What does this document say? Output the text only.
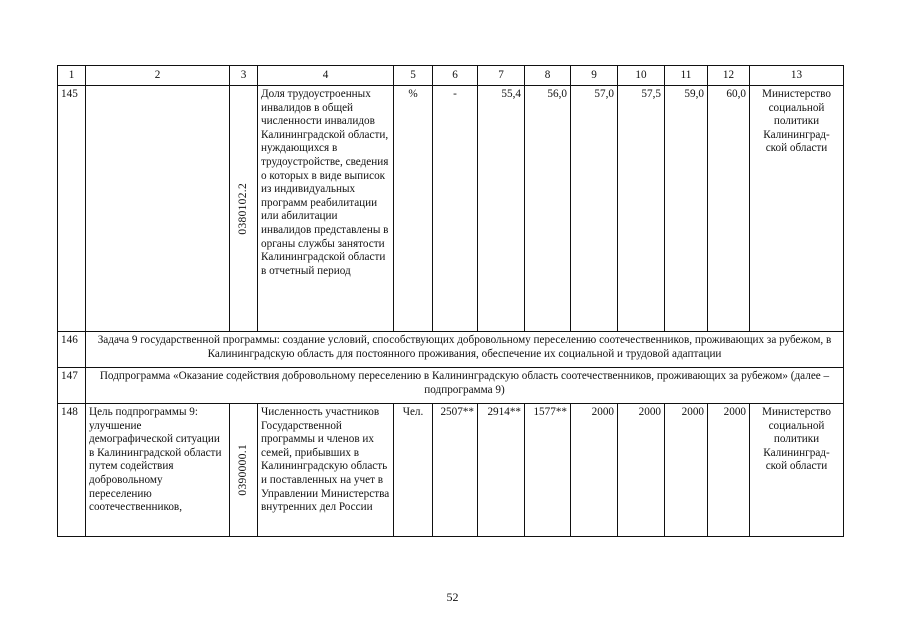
1	2	3	4	5	6	7	8	9	10	11	12	13
145		0380102.2	Доля трудоустроенных инвалидов в общей численности инвалидов Калининградской области, нуждающихся в трудоустройстве, сведения о которых в виде выписок из индивидуальных программ реабилитации или абилитации инвалидов представлены в органы службы занятости Калининградской области в отчетный период	%	-	55,4	56,0	57,0	57,5	59,0	60,0	Министерство социальной политики Калининград-ской области
146	Задача 9 государственной программы: создание условий, способствующих добровольному переселению соотечественников, проживающих за рубежом, в Калининградскую область для постоянного проживания, обеспечение их социальной и трудовой адаптации											
147	Подпрограмма «Оказание содействия добровольному переселению в Калининградскую область соотечественников, проживающих за рубежом» (далее – подпрограмма 9)											
148	Цель подпрограммы 9: улучшение демографической ситуации в Калининградской области путем содействия добровольному переселению соотечественников,	0390000.1	Численность участников Государственной программы и членов их семей, прибывших в Калининградскую область и поставленных на учет в Управлении Министерства внутренних дел России	Чел.	2507**	2914**	1577**	2000	2000	2000	2000	Министерство социальной политики Калининград-ской области
52
